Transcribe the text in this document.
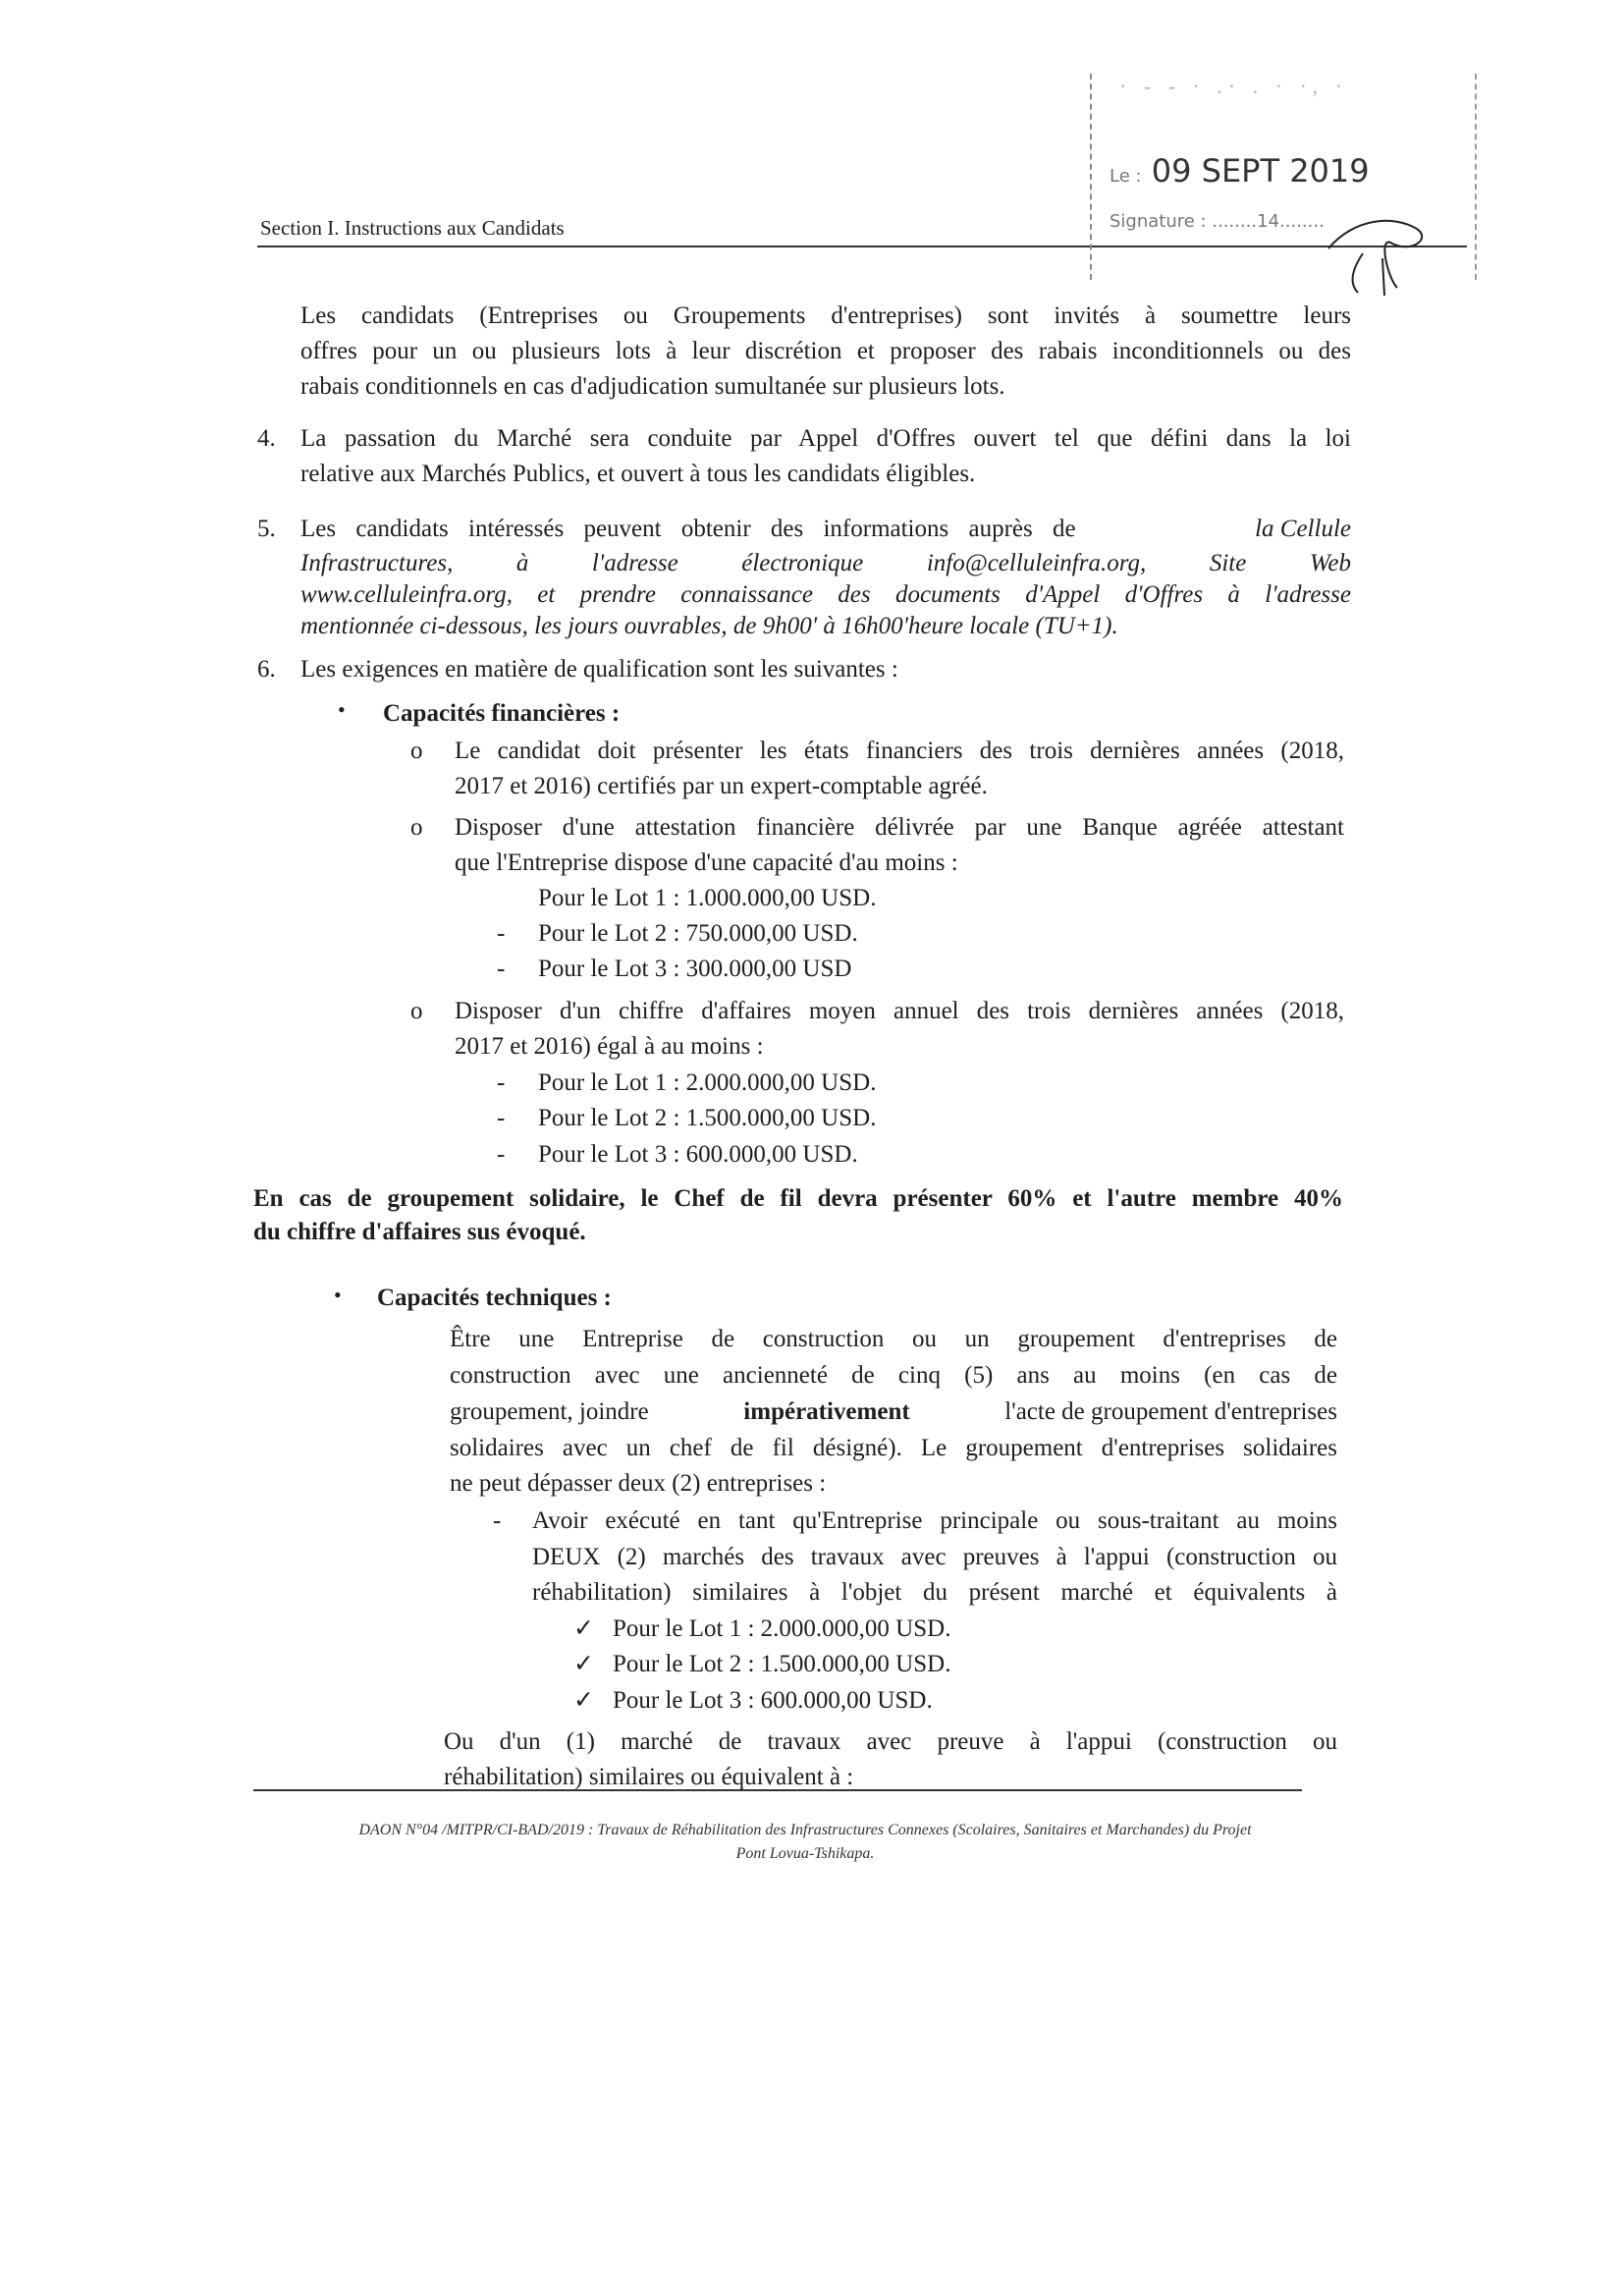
Section I. Instructions aux Candidats
· - - · .· . · ·, ·
Le : 09 SEPT 2019
Signature : ........14........
Les candidats (Entreprises ou Groupements d'entreprises) sont invités à soumettre leurs
offres pour un ou plusieurs lots à leur discrétion et proposer des rabais inconditionnels ou des
rabais conditionnels en cas d'adjudication sumultanée sur plusieurs lots.
4. La passation du Marché sera conduite par Appel d'Offres ouvert tel que défini dans la loi
relative aux Marchés Publics, et ouvert à tous les candidats éligibles.
5. Les candidats intéressés peuvent obtenir des informations auprès de	la Cellule
Infrastructures, à l'adresse électronique info@celluleinfra.org, Site Web
www.celluleinfra.org, et prendre connaissance des documents d'Appel d'Offres à l'adresse
mentionnée ci-dessous, les jours ouvrables, de 9h00' à 16h00'heure locale (TU+1).
6. Les exigences en matière de qualification sont les suivantes :
• Capacités financières :
o Le candidat doit présenter les états financiers des trois dernières années (2018,
2017 et 2016) certifiés par un expert-comptable agréé.
o Disposer d'une attestation financière délivrée par une Banque agréée attestant
que l'Entreprise dispose d'une capacité d'au moins :
Pour le Lot 1 : 1.000.000,00 USD.
- Pour le Lot 2 : 750.000,00 USD.
- Pour le Lot 3 : 300.000,00 USD
o Disposer d'un chiffre d'affaires moyen annuel des trois dernières années (2018,
2017 et 2016) égal à au moins :
- Pour le Lot 1 : 2.000.000,00 USD.
- Pour le Lot 2 : 1.500.000,00 USD.
- Pour le Lot 3 : 600.000,00 USD.
En cas de groupement solidaire, le Chef de fil devra présenter 60% et l'autre membre 40%
du chiffre d'affaires sus évoqué.
• Capacités techniques :
Être une Entreprise de construction ou un groupement d'entreprises de
construction avec une ancienneté de cinq (5) ans au moins (en cas de
groupement, joindre	impérativement	l'acte de groupement d'entreprises
solidaires avec un chef de fil désigné). Le groupement d'entreprises solidaires
ne peut dépasser deux (2) entreprises :
- Avoir exécuté en tant qu'Entreprise principale ou sous-traitant au moins
DEUX (2) marchés des travaux avec preuves à l'appui (construction ou
réhabilitation) similaires à l'objet du présent marché et équivalents à
✓ Pour le Lot 1 : 2.000.000,00 USD.
✓ Pour le Lot 2 : 1.500.000,00 USD.
✓ Pour le Lot 3 : 600.000,00 USD.
Ou d'un (1) marché de travaux avec preuve à l'appui (construction ou
réhabilitation) similaires ou équivalent à :
DAON N°04 /MITPR/CI-BAD/2019 : Travaux de Réhabilitation des Infrastructures Connexes (Scolaires, Sanitaires et Marchandes) du Projet
Pont Lovua-Tshikapa.
